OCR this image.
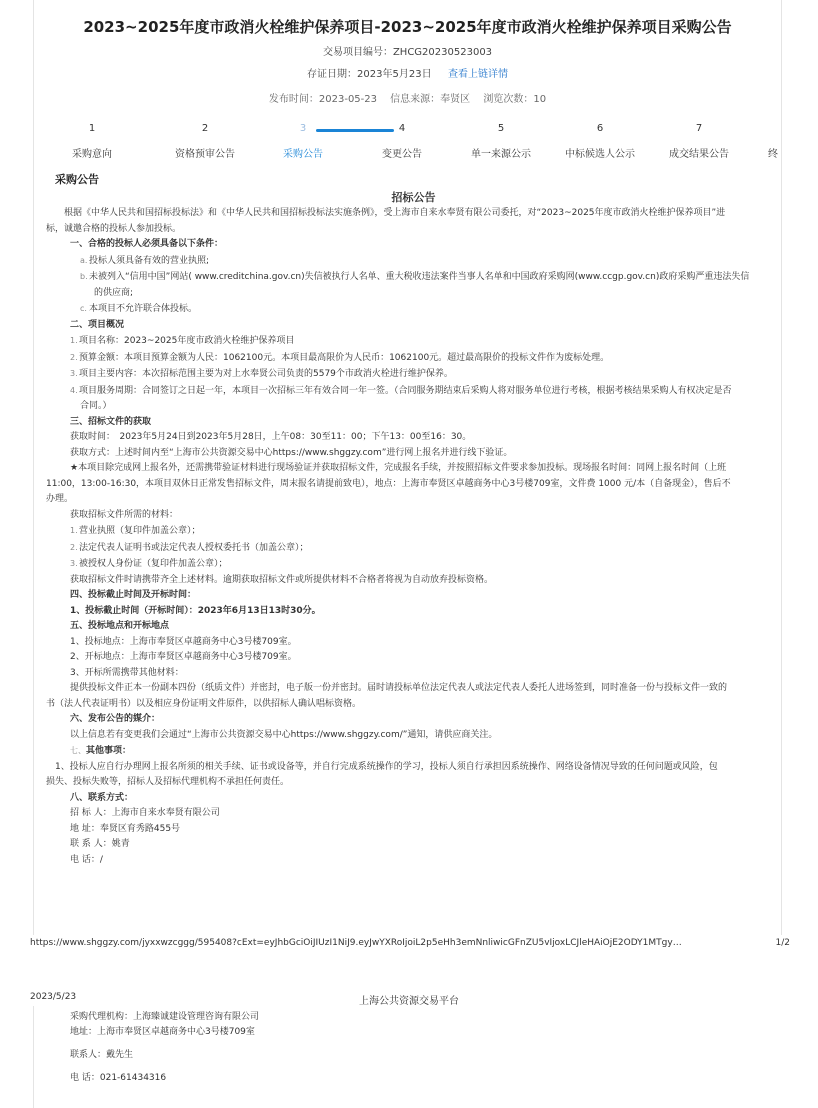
2023~2025年度市政消火栓维护保养项目-2023~2025年度市政消火栓维护保养项目采购公告
交易项目编号：ZHCG20230523003
存证日期：2023年5月23日 查看上链详情
发布时间：2023-05-23　 信息来源：奉贤区　 浏览次数：10
1
采购意向
2
资格预审公告
3
采购公告
4
变更公告
5
单一来源公示
6
中标候选人公示
7
成交结果公告	终
采购公告

招标公告

　　根据《中华人民共和国招标投标法》和《中华人民共和国招标投标法实施条例》，受上海市自来水奉贤有限公司委托，对“2023~2025年度市政消火栓维护保养项目”进

标，诚邀合格的投标人参加投标。

一、合格的投标人必须具备以下条件：

a. 投标人须具备有效的营业执照;

b.未被列入“信用中国”网站( www.creditchina.gov.cn)失信被执行人名单、重大税收违法案件当事人名单和中国政府采购网(www.ccgp.gov.cn)政府采购严重违法失信

的供应商;

c. 本项目不允许联合体投标。

二、项目概况

1.项目名称：2023~2025年度市政消火栓维护保养项目

2.预算金额：本项目预算金额为人民：1062100元。本项目最高限价为人民币：1062100元。超过最高限价的投标文件作为废标处理。

3.项目主要内容：本次招标范围主要为对上水奉贤公司负责的5579个市政消火栓进行维护保养。

4.项目服务周期：合同签订之日起一年，本项目一次招标三年有效合同一年一签。（合同服务期结束后采购人将对服务单位进行考核，根据考核结果采购人有权决定是否

合同。）

三、招标文件的获取

获取时间：　2023年5月24日到2023年5月28日，上午08：30至11：00；下午13：00至16：30。

获取方式：上述时间内至“上海市公共资源交易中心https://www.shggzy.com”进行网上报名并进行线下验证。

★本项目除完成网上报名外，还需携带验证材料进行现场验证并获取招标文件，完成报名手续，并按照招标文件要求参加投标。现场报名时间：同网上报名时间（上班

11:00，13:00-16:30，本项目双休日正常发售招标文件，周末报名请提前致电），地点：上海市奉贤区卓越商务中心3号楼709室，文件费 1000 元/本（自备现金），售后不

办理。

获取招标文件所需的材料：

1.营业执照（复印件加盖公章）；

2.法定代表人证明书或法定代表人授权委托书（加盖公章）；

3.被授权人身份证（复印件加盖公章）；

获取招标文件时请携带齐全上述材料。逾期获取招标文件或所提供材料不合格者将视为自动放弃投标资格。

四、投标截止时间及开标时间：

1、投标截止时间（开标时间）：2023年6月13日13时30分。

五、投标地点和开标地点

1、投标地点：上海市奉贤区卓越商务中心3号楼709室。

2、开标地点：上海市奉贤区卓越商务中心3号楼709室。

3、开标所需携带其他材料：

提供投标文件正本一份副本四份（纸质文件）并密封，电子版一份并密封。届时请投标单位法定代表人或法定代表人委托人进场签到，同时准备一份与投标文件一致的

书（法人代表证明书）以及相应身份证明文件原件，以供招标人确认唱标资格。

六、发布公告的媒介：

以上信息若有变更我们会通过“上海市公共资源交易中心https://www.shggzy.com/”通知，请供应商关注。

七、其他事项：

　1、投标人应自行办理网上报名所须的相关手续、证书或设备等，并自行完成系统操作的学习，投标人须自行承担因系统操作、网络设备情况导致的任何问题或风险，包

损失、投标失败等，招标人及招标代理机构不承担任何责任。

八、联系方式：

招 标 人：上海市自来水奉贤有限公司

地 址：奉贤区育秀路455号

联 系 人：姚青

电 话：/

https://www.shggzy.com/jyxxwzcggg/595408?cExt=eyJhbGciOiJIUzI1NiJ9.eyJwYXRoIjoiL2p5eHh3emNnliwicGFnZU5vIjoxLCJleHAiOjE2ODY1MTgy…	1/2
2023/5/23	上海公共资源交易平台

采购代理机构：上海臻诚建设管理咨询有限公司

地址：上海市奉贤区卓越商务中心3号楼709室

联系人：戴先生

电 话：021-61434316
